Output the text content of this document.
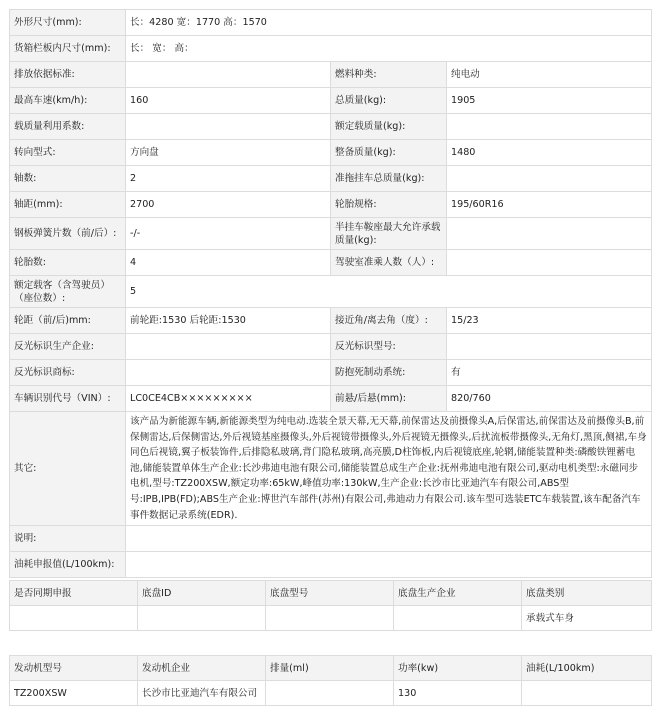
外形尺寸(mm):	长：4280 宽：1770 高：1570		
货箱栏板内尺寸(mm):	长： 宽： 高：		
排放依据标准:		燃料种类:	纯电动
最高车速(km/h):	160	总质量(kg):	1905
载质量利用系数:		额定载质量(kg):	
转向型式:	方向盘	整备质量(kg):	1480
轴数:	2	准拖挂车总质量(kg):	
轴距(mm):	2700	轮胎规格:	195/60R16
钢板弹簧片数（前/后）:	-/-	半挂车鞍座最大允许承载质量(kg):	
轮胎数:	4	驾驶室准乘人数（人）:	
额定载客（含驾驶员）（座位数）:	5		
轮距（前/后)mm:	前轮距:1530 后轮距:1530	接近角/离去角（度）:	15/23
反光标识生产企业:		反光标识型号:	
反光标识商标:		防抱死制动系统:	有
车辆识别代号（VIN）:	LC0CE4CB×××××××××	前悬/后悬(mm):	820/760
其它:	该产品为新能源车辆,新能源类型为纯电动.选装全景天幕,无天幕,前保雷达及前摄像头A,后保雷达,前保雷达及前摄像头B,前保侧雷达,后保侧雷达,外后视镜基座摄像头,外后视镜带摄像头,外后视镜无摄像头,后扰流板带摄像头,无角灯,黑顶,侧裙,车身同色后视镜,翼子板装饰件,后排隐私玻璃,背门隐私玻璃,高亮膜,D柱饰板,内后视镜底座,轮辋,储能装置种类:磷酸铁锂蓄电池,储能装置单体生产企业:长沙弗迪电池有限公司,储能装置总成生产企业:抚州弗迪电池有限公司,驱动电机类型:永磁同步电机,型号:TZ200XSW,额定功率:65kW,峰值功率:130kW,生产企业:长沙市比亚迪汽车有限公司,ABS型号:IPB,IPB(FD);ABS生产企业:博世汽车部件(苏州)有限公司,弗迪动力有限公司.该车型可选装ETC车载装置,该车配备汽车事件数据记录系统(EDR).		
说明:			
油耗申报值(L/100km):			
是否同期申报	底盘ID	底盘型号	底盘生产企业	底盘类别
				承载式车身
发动机型号	发动机企业	排量(ml)	功率(kw)	油耗(L/100km)
TZ200XSW	长沙市比亚迪汽车有限公司		130	
